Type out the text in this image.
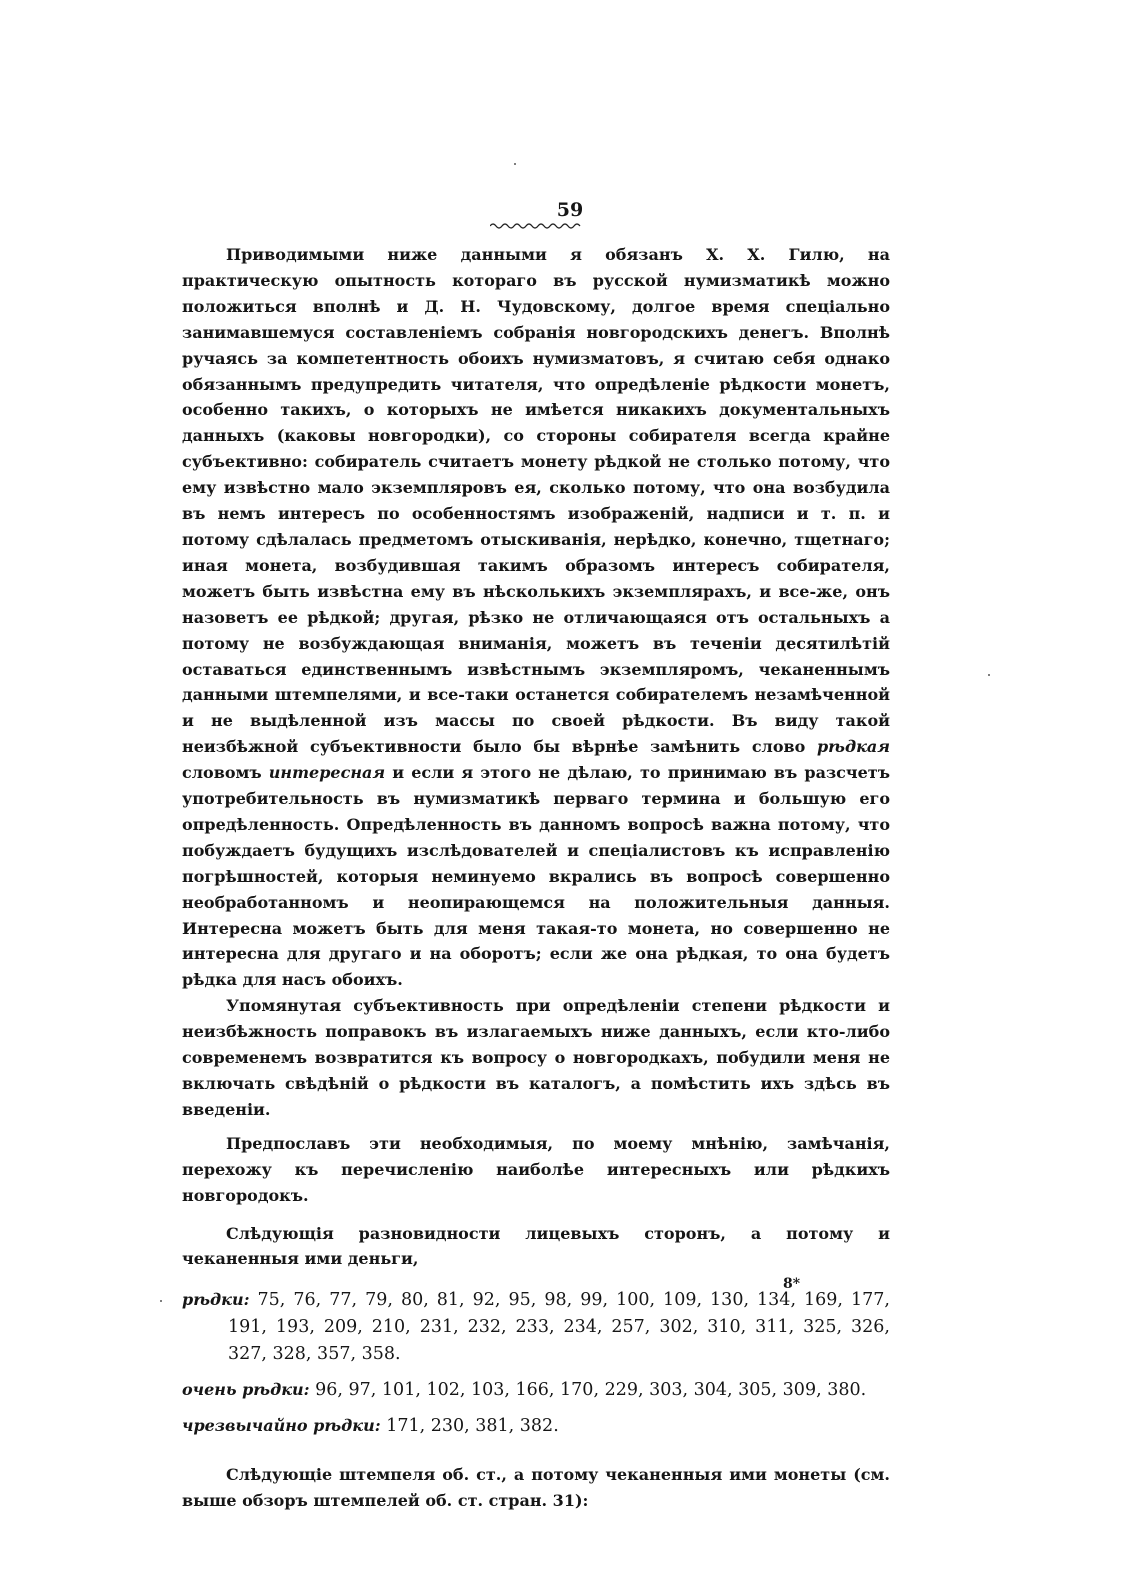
59

Приводимыми ниже данными я обязанъ X. X. Гилю, на практическую опытность котораго въ русской нумизматикѣ можно положиться вполнѣ и Д. Н. Чудовскому, долгое время спеціально занимавшемуся составленіемъ собранія новгородскихъ денегъ. Вполнѣ ручаясь за компетентность обоихъ нумизматовъ, я считаю себя однако обязаннымъ предупредить читателя, что опредѣленіе рѣдкости монетъ, особенно такихъ, о которыхъ не имѣется никакихъ документальныхъ данныхъ (каковы новгородки), со стороны собирателя всегда крайне субъективно: собиратель считаетъ монету рѣдкой не столько потому, что ему извѣстно мало экземпляровъ ея, сколько потому, что она возбудила въ немъ интересъ по особенностямъ изображеній, надписи и т. п. и потому сдѣлалась предметомъ отыскиванія, нерѣдко, конечно, тщетнаго; иная монета, возбудившая такимъ образомъ интересъ собирателя, можетъ быть извѣстна ему въ нѣсколькихъ экземплярахъ, и все-же, онъ назоветъ ее рѣдкой; другая, рѣзко не отличающаяся отъ остальныхъ а потому не возбуждающая вниманія, можетъ въ теченіи десятилѣтій оставаться единственнымъ извѣстнымъ экземпляромъ, чеканеннымъ данными штемпелями, и все-таки останется собирателемъ незамѣченной и не выдѣленной изъ массы по своей рѣдкости. Въ виду такой неизбѣжной субъективности было бы вѣрнѣе замѣнить слово рѣдкая словомъ интересная и если я этого не дѣлаю, то принимаю въ разсчетъ употребительность въ нумизматикѣ перваго термина и большую его опредѣленность. Опредѣленность въ данномъ вопросѣ важна потому, что побуждаетъ будущихъ изслѣдователей и спеціалистовъ къ исправленію погрѣшностей, которыя неминуемо вкрались въ вопросѣ совершенно необработанномъ и неопирающемся на положительныя данныя. Интересна можетъ быть для меня такая-то монета, но совершенно не интересна для другаго и на оборотъ; если же она рѣдкая, то она будетъ рѣдка для насъ обоихъ.

Упомянутая субъективность при опредѣленіи степени рѣдкости и неизбѣжность поправокъ въ излагаемыхъ ниже данныхъ, если кто-либо современемъ возвратится къ вопросу о новгородкахъ, побудили меня не включать свѣдѣній о рѣдкости въ каталогъ, а помѣстить ихъ здѣсь въ введеніи.

Предпославъ эти необходимыя, по моему мнѣнію, замѣчанія, перехожу къ перечисленію наиболѣе интересныхъ или рѣдкихъ новгородокъ.

Слѣдующія разновидности лицевыхъ сторонъ, а потому и чеканенныя ими деньги,

рѣдки: 75, 76, 77, 79, 80, 81, 92, 95, 98, 99, 100, 109, 130, 134, 169, 177, 191, 193, 209, 210, 231, 232, 233, 234, 257, 302, 310, 311, 325, 326, 327, 328, 357, 358.

очень рѣдки: 96, 97, 101, 102, 103, 166, 170, 229, 303, 304, 305, 309, 380.

чрезвычайно рѣдки: 171, 230, 381, 382.

Слѣдующіе штемпеля об. ст., а потому чеканенныя ими монеты (см. выше обзоръ штемпелей об. ст. стран. 31):

8*
